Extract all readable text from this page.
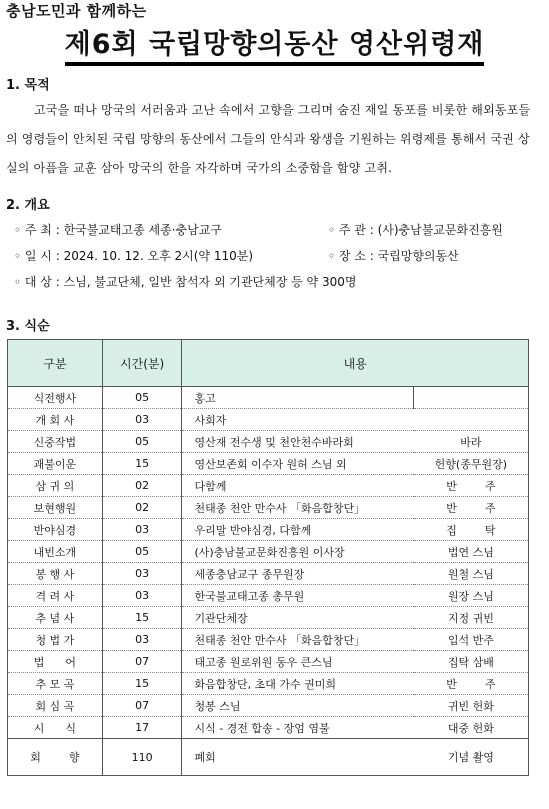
충남도민과 함께하는
제6회 국립망향의동산 영산위령재
1. 목적

고국을 떠나 망국의 서러움과 고난 속에서 고향을 그리며 숨진 재일 동포를 비롯한 해외동포들의 영령들이 안치된 국립 망향의 동산에서 그들의 안식과 왕생을 기원하는 위령제를 통해서 국권 상실의 아픔을 교훈 삼아 망국의 한을 자각하며 국가의 소중함을 함양 고취.

2. 개요
◦ 주 최 : 한국불교태고종 세종·충남교구	◦ 주 관 : (사)충남불교문화진흥원
◦ 일 시 : 2024. 10. 12. 오후 2시(약 110분)	◦ 장 소 : 국립망향의동산
◦ 대 상 : 스님, 불교단체, 일반 참석자 외 기관단체장 등 약 300명
3. 식순
구분	시간(분)	내용	
식전행사	05	홍고	
개 회 사	03	사회자	
신중작법	05	영산재 전수생 및 천안천수바라회	바라
괘불이운	15	영산보존회 이수자 원허 스님 외	헌향(종무원장)
삼 귀 의	02	다함께	반        주
보현행원	02	천태종 천안 만수사 「화음합창단」	반        주
반야심경	03	우리말 반야심경, 다함께	집        탁
내빈소개	05	(사)충남불교문화진흥원 이사장	법연 스님
봉 행 사	03	세종충남교구 종무원장	원철 스님
격 려 사	03	한국불교태고종 총무원	원장 스님
추 념 사	15	기관단체장	지정 귀빈
청 법 가	03	천태종 천안 만수사 「화음합창단」	입석 반주
법      어	07	태고종 원로위원 동우 큰스님	집탁 삼배
추 모 곡	15	화음합창단, 초대 가수 권미희	반        주
회 심 곡	07	청봉 스님	귀빈 헌화
시      식	17	시식 - 경전 합송 - 장엄 염불	대중 헌화
회        향	110	폐회	기념 촬영
